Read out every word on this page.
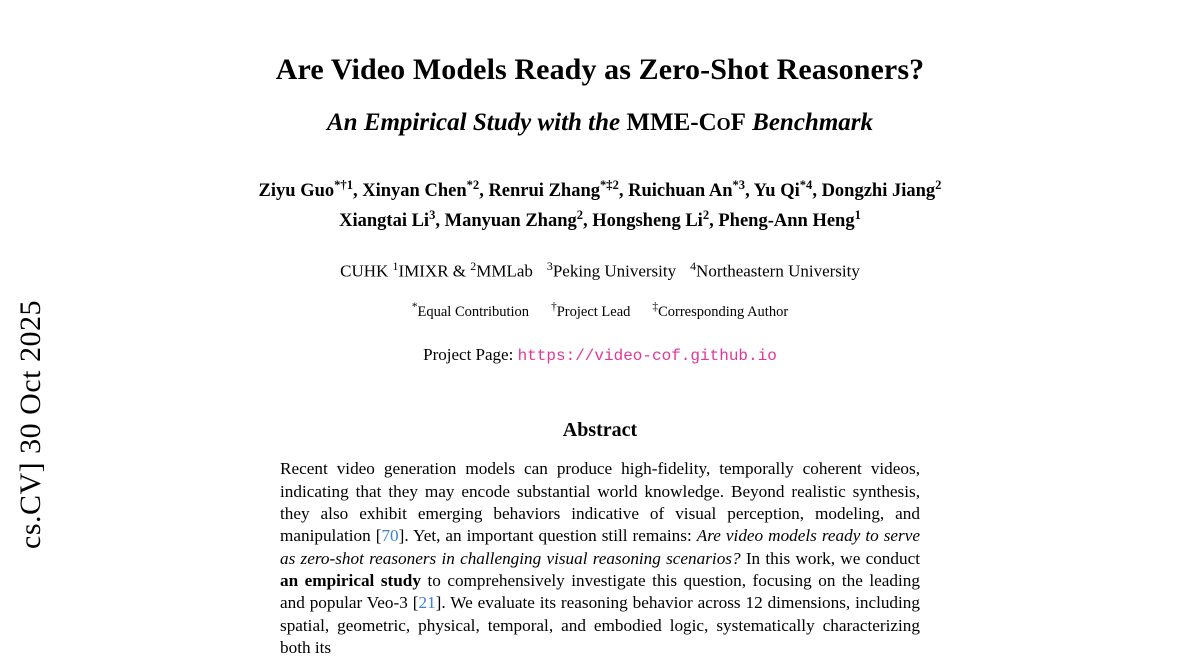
cs.CV] 30 Oct 2025
Are Video Models Ready as Zero-Shot Reasoners?
An Empirical Study with the MME-CoF Benchmark
Ziyu Guo$^{*\dagger 1}$, Xinyan Chen$^{*2}$, Renrui Zhang$^{*\ddagger 2}$, Ruichuan An$^{*3}$, Yu Qi$^{*4}$, Dongzhi Jiang$^2$
Xiangtai Li$^3$, Manyuan Zhang$^2$, Hongsheng Li$^2$, Pheng-Ann Heng$^1$
CUHK $^1$IMIXR & $^2$MMLab $^3$Peking University $^4$Northeastern University
*Equal Contribution †Project Lead ‡Corresponding Author
Project Page: https://video-cof.github.io
Abstract
Recent video generation models can produce high-fidelity, temporally coherent videos, indicating that they may encode substantial world knowledge. Beyond realistic synthesis, they also exhibit emerging behaviors indicative of visual perception, modeling, and manipulation [70]. Yet, an important question still remains: Are video models ready to serve as zero-shot reasoners in challenging visual reasoning scenarios? In this work, we conduct an empirical study to comprehensively investigate this question, focusing on the leading and popular Veo-3 [21]. We evaluate its reasoning behavior across 12 dimensions, including spatial, geometric, physical, temporal, and embodied logic, systematically characterizing both its
